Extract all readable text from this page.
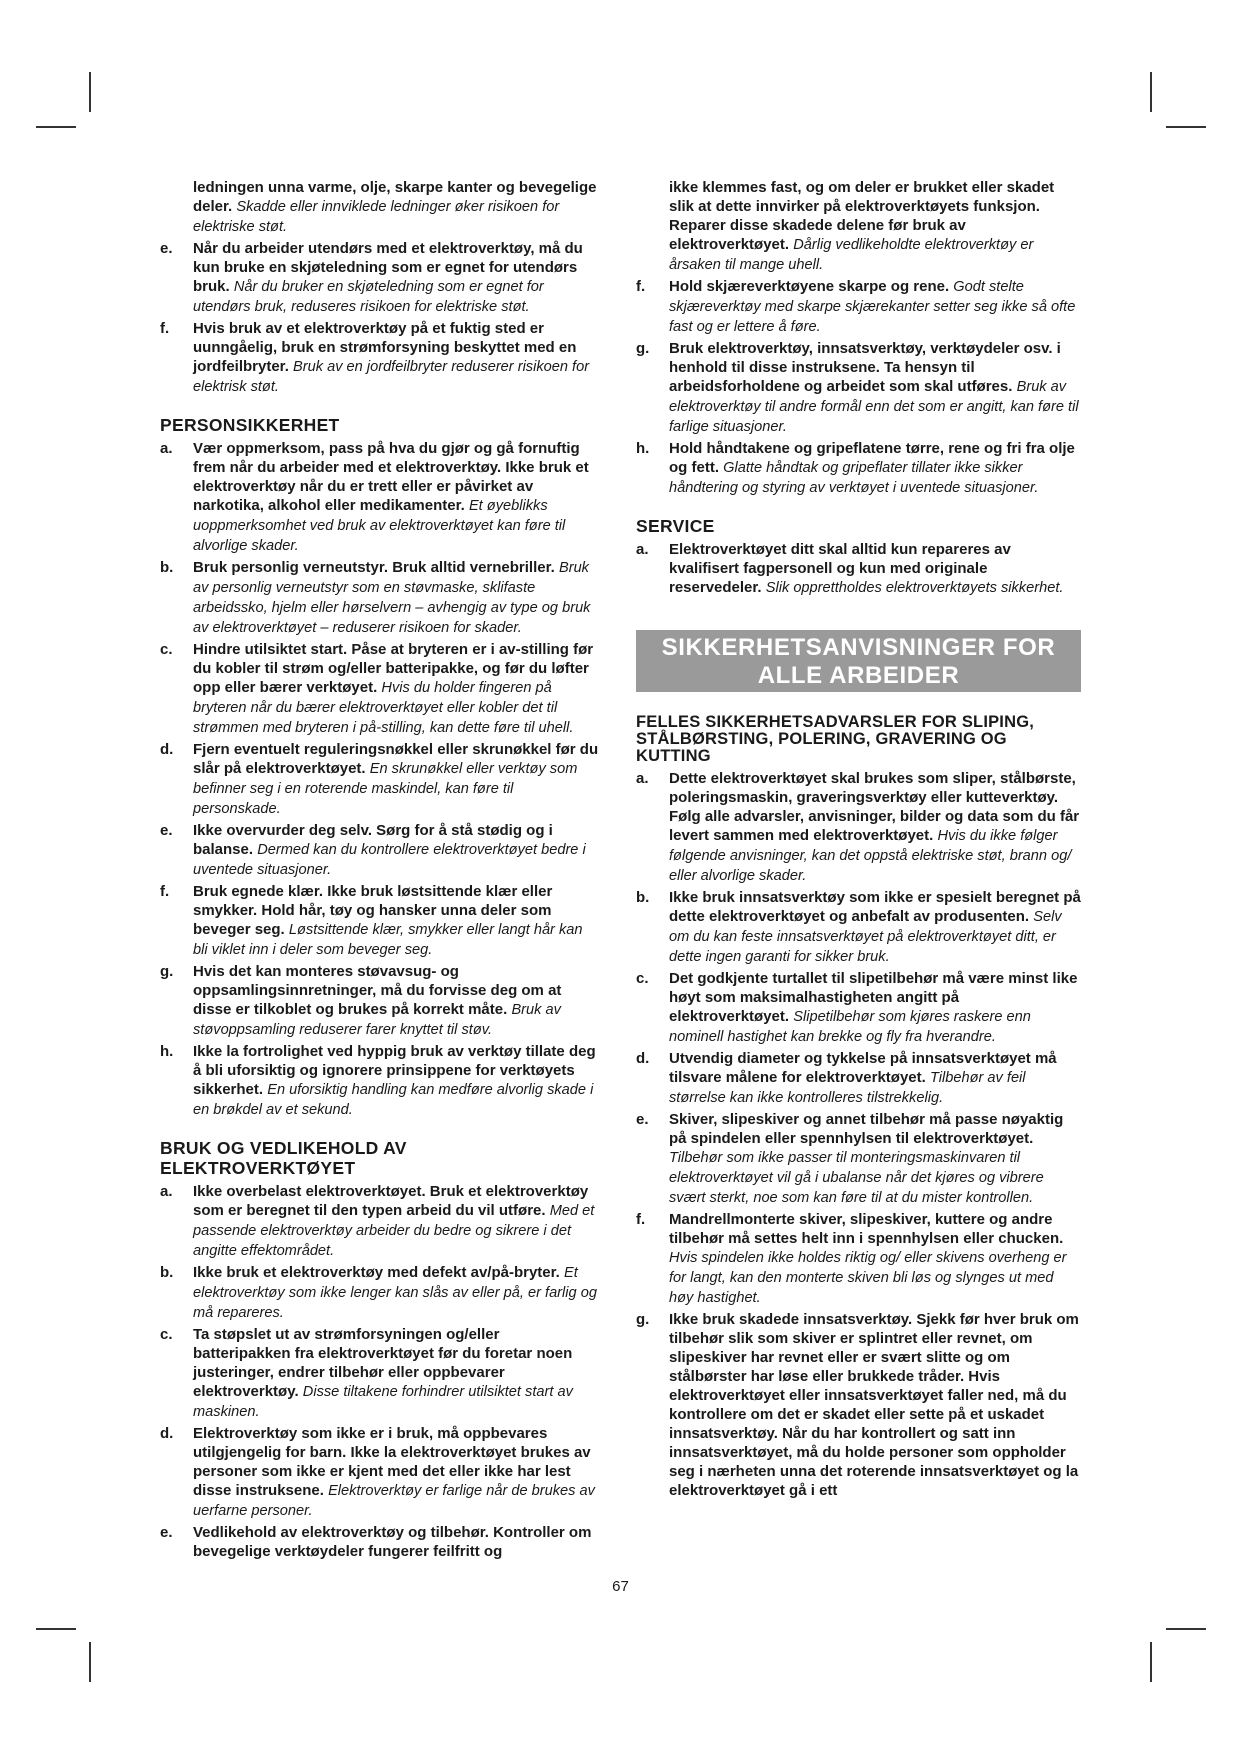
ledningen unna varme, olje, skarpe kanter og bevegelige deler. Skadde eller innviklede ledninger øker risikoen for elektriske støt.
e. Når du arbeider utendørs med et elektroverktøy, må du kun bruke en skjøteledning som er egnet for utendørs bruk. Når du bruker en skjøteledning som er egnet for utendørs bruk, reduseres risikoen for elektriske støt.
f. Hvis bruk av et elektroverktøy på et fuktig sted er uunngåelig, bruk en strømforsyning beskyttet med en jordfeilbryter. Bruk av en jordfeilbryter reduserer risikoen for elektrisk støt.
PERSONSIKKERHET
a. Vær oppmerksom, pass på hva du gjør og gå fornuftig frem når du arbeider med et elektroverktøy. Ikke bruk et elektroverktøy når du er trett eller er påvirket av narkotika, alkohol eller medikamenter. Et øyeblikks uoppmerksomhet ved bruk av elektroverktøyet kan føre til alvorlige skader.
b. Bruk personlig verneutstyr. Bruk alltid vernebriller. Bruk av personlig verneutstyr som en støvmaske, sklifaste arbeidssko, hjelm eller hørselvern – avhengig av type og bruk av elektroverktøyet – reduserer risikoen for skader.
c. Hindre utilsiktet start. Påse at bryteren er i av-stilling før du kobler til strøm og/eller batteripakke, og før du løfter opp eller bærer verktøyet. Hvis du holder fingeren på bryteren når du bærer elektroverktøyet eller kobler det til strømmen med bryteren i på-stilling, kan dette føre til uhell.
d. Fjern eventuelt reguleringsnøkkel eller skrunøkkel før du slår på elektroverktøyet. En skrunøkkel eller verktøy som befinner seg i en roterende maskindel, kan føre til personskade.
e. Ikke overvurder deg selv. Sørg for å stå stødig og i balanse. Dermed kan du kontrollere elektroverktøyet bedre i uventede situasjoner.
f. Bruk egnede klær. Ikke bruk løstsittende klær eller smykker. Hold hår, tøy og hansker unna deler som beveger seg. Løstsittende klær, smykker eller langt hår kan bli viklet inn i deler som beveger seg.
g. Hvis det kan monteres støvavsug- og oppsamlingsinnretninger, må du forvisse deg om at disse er tilkoblet og brukes på korrekt måte. Bruk av støvoppsamling reduserer farer knyttet til støv.
h. Ikke la fortrolighet ved hyppig bruk av verktøy tillate deg å bli uforsiktig og ignorere prinsippene for verktøyets sikkerhet. En uforsiktig handling kan medføre alvorlig skade i en brøkdel av et sekund.
BRUK OG VEDLIKEHOLD AV ELEKTROVERKTØYET
a. Ikke overbelast elektroverktøyet. Bruk et elektroverktøy som er beregnet til den typen arbeid du vil utføre. Med et passende elektroverktøy arbeider du bedre og sikrere i det angitte effektområdet.
b. Ikke bruk et elektroverktøy med defekt av/på-bryter. Et elektroverktøy som ikke lenger kan slås av eller på, er farlig og må repareres.
c. Ta støpslet ut av strømforsyningen og/eller batteripakken fra elektroverktøyet før du foretar noen justeringer, endrer tilbehør eller oppbevarer elektroverktøy. Disse tiltakene forhindrer utilsiktet start av maskinen.
d. Elektroverktøy som ikke er i bruk, må oppbevares utilgjengelig for barn. Ikke la elektroverktøyet brukes av personer som ikke er kjent med det eller ikke har lest disse instruksene. Elektroverktøy er farlige når de brukes av uerfarne personer.
e. Vedlikehold av elektroverktøy og tilbehør. Kontroller om bevegelige verktøydeler fungerer feilfritt og
ikke klemmes fast, og om deler er brukket eller skadet slik at dette innvirker på elektroverktøyets funksjon. Reparer disse skadede delene før bruk av elektroverktøyet. Dårlig vedlikeholdte elektroverktøy er årsaken til mange uhell.
f. Hold skjæreverktøyene skarpe og rene. Godt stelte skjæreverktøy med skarpe skjærekanter setter seg ikke så ofte fast og er lettere å føre.
g. Bruk elektroverktøy, innsatsverktøy, verktøydeler osv. i henhold til disse instruksene. Ta hensyn til arbeidsforholdene og arbeidet som skal utføres. Bruk av elektroverktøy til andre formål enn det som er angitt, kan føre til farlige situasjoner.
h. Hold håndtakene og gripeflatene tørre, rene og fri fra olje og fett. Glatte håndtak og gripeflater tillater ikke sikker håndtering og styring av verktøyet i uventede situasjoner.
SERVICE
a. Elektroverktøyet ditt skal alltid kun repareres av kvalifisert fagpersonell og kun med originale reservedeler. Slik opprettholdes elektroverktøyets sikkerhet.
SIKKERHETSANVISNINGER FOR
ALLE ARBEIDER
FELLES SIKKERHETSADVARSLER FOR SLIPING, STÅLBØRSTING, POLERING, GRAVERING OG KUTTING
a. Dette elektroverktøyet skal brukes som sliper, stålbørste, poleringsmaskin, graveringsverktøy eller kutteverktøy. Følg alle advarsler, anvisninger, bilder og data som du får levert sammen med elektroverktøyet. Hvis du ikke følger følgende anvisninger, kan det oppstå elektriske støt, brann og/ eller alvorlige skader.
b. Ikke bruk innsatsverktøy som ikke er spesielt beregnet på dette elektroverktøyet og anbefalt av produsenten. Selv om du kan feste innsatsverktøyet på elektroverktøyet ditt, er dette ingen garanti for sikker bruk.
c. Det godkjente turtallet til slipetilbehør må være minst like høyt som maksimalhastigheten angitt på elektroverktøyet. Slipetilbehør som kjøres raskere enn nominell hastighet kan brekke og fly fra hverandre.
d. Utvendig diameter og tykkelse på innsatsverktøyet må tilsvare målene for elektroverktøyet. Tilbehør av feil størrelse kan ikke kontrolleres tilstrekkelig.
e. Skiver, slipeskiver og annet tilbehør må passe nøyaktig på spindelen eller spennhylsen til elektroverktøyet. Tilbehør som ikke passer til monteringsmaskinvaren til elektroverktøyet vil gå i ubalanse når det kjøres og vibrere svært sterkt, noe som kan føre til at du mister kontrollen.
f. Mandrellmonterte skiver, slipeskiver, kuttere og andre tilbehør må settes helt inn i spennhylsen eller chucken. Hvis spindelen ikke holdes riktig og/ eller skivens overheng er for langt, kan den monterte skiven bli løs og slynges ut med høy hastighet.
g. Ikke bruk skadede innsatsverktøy. Sjekk før hver bruk om tilbehør slik som skiver er splintret eller revnet, om slipeskiver har revnet eller er svært slitte og om stålbørster har løse eller brukkede tråder. Hvis elektroverktøyet eller innsatsverktøyet faller ned, må du kontrollere om det er skadet eller sette på et uskadet innsatsverktøy. Når du har kontrollert og satt inn innsatsverktøyet, må du holde personer som oppholder seg i nærheten unna det roterende innsatsverktøyet og la elektroverktøyet gå i ett
67
